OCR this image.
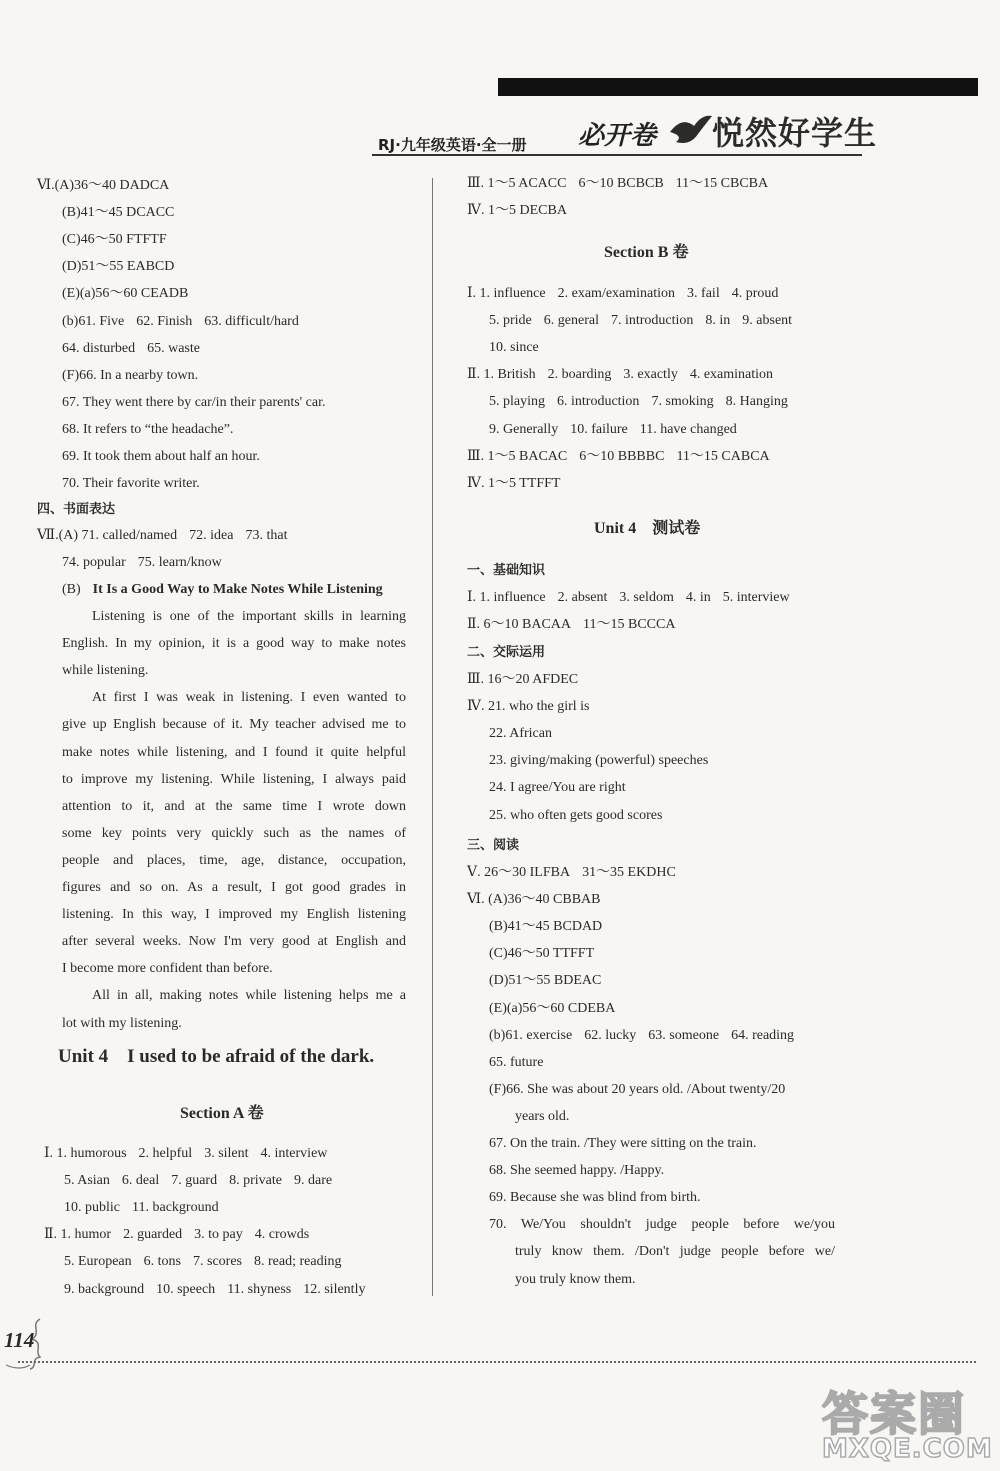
RJ·九年级英语·全一册 必开卷 悦然好学生
Ⅵ.(A)36～40 DADCA
(B)41～45 DCACC
(C)46～50 FTFTF
(D)51～55 EABCD
(E)(a)56～60 CEADB
(b)61. Five 62. Finish 63. difficult/hard
64. disturbed 65. waste
(F)66. In a nearby town.
67. They went there by car/in their parents' car.
68. It refers to “the headache”.
69. It took them about half an hour.
70. Their favorite writer.
四、书面表达
Ⅶ.(A) 71. called/named 72. idea 73. that
74. popular 75. learn/know
(B) It Is a Good Way to Make Notes While Listening
Listening is one of the important skills in learning
English. In my opinion, it is a good way to make notes
while listening.
At first I was weak in listening. I even wanted to
give up English because of it. My teacher advised me to
make notes while listening, and I found it quite helpful
to improve my listening. While listening, I always paid
attention to it, and at the same time I wrote down
some key points very quickly such as the names of
people and places, time, age, distance, occupation,
figures and so on. As a result, I got good grades in
listening. In this way, I improved my English listening
after several weeks. Now I'm very good at English and
I become more confident than before.
All in all, making notes while listening helps me a
lot with my listening.
Unit 4　I used to be afraid of the dark.
Section A 卷
Ⅰ. 1. humorous 2. helpful 3. silent 4. interview
5. Asian 6. deal 7. guard 8. private 9. dare
10. public 11. background
Ⅱ. 1. humor 2. guarded 3. to pay 4. crowds
5. European 6. tons 7. scores 8. read; reading
9. background 10. speech 11. shyness 12. silently
Ⅲ. 1～5 ACACC 6～10 BCBCB 11～15 CBCBA
Ⅳ. 1～5 DECBA
Section B 卷
Ⅰ. 1. influence 2. exam/examination 3. fail 4. proud
5. pride 6. general 7. introduction 8. in 9. absent
10. since
Ⅱ. 1. British 2. boarding 3. exactly 4. examination
5. playing 6. introduction 7. smoking 8. Hanging
9. Generally 10. failure 11. have changed
Ⅲ. 1～5 BACAC 6～10 BBBBC 11～15 CABCA
Ⅳ. 1～5 TTFFT
Unit 4　测试卷
一、基础知识
Ⅰ. 1. influence 2. absent 3. seldom 4. in 5. interview
Ⅱ. 6～10 BACAA 11～15 BCCCA
二、交际运用
Ⅲ. 16～20 AFDEC
Ⅳ. 21. who the girl is
22. African
23. giving/making (powerful) speeches
24. I agree/You are right
25. who often gets good scores
三、阅读
Ⅴ. 26～30 ILFBA 31～35 EKDHC
Ⅵ. (A)36～40 CBBAB
(B)41～45 BCDAD
(C)46～50 TTFFT
(D)51～55 BDEAC
(E)(a)56～60 CDEBA
(b)61. exercise 62. lucky 63. someone 64. reading
65. future
(F)66. She was about 20 years old. /About twenty/20
years old.
67. On the train. /They were sitting on the train.
68. She seemed happy. /Happy.
69. Because she was blind from birth.
70. We/You shouldn't judge people before we/you
truly know them. /Don't judge people before we/
you truly know them.
114
答案圈
MXQE.COM
